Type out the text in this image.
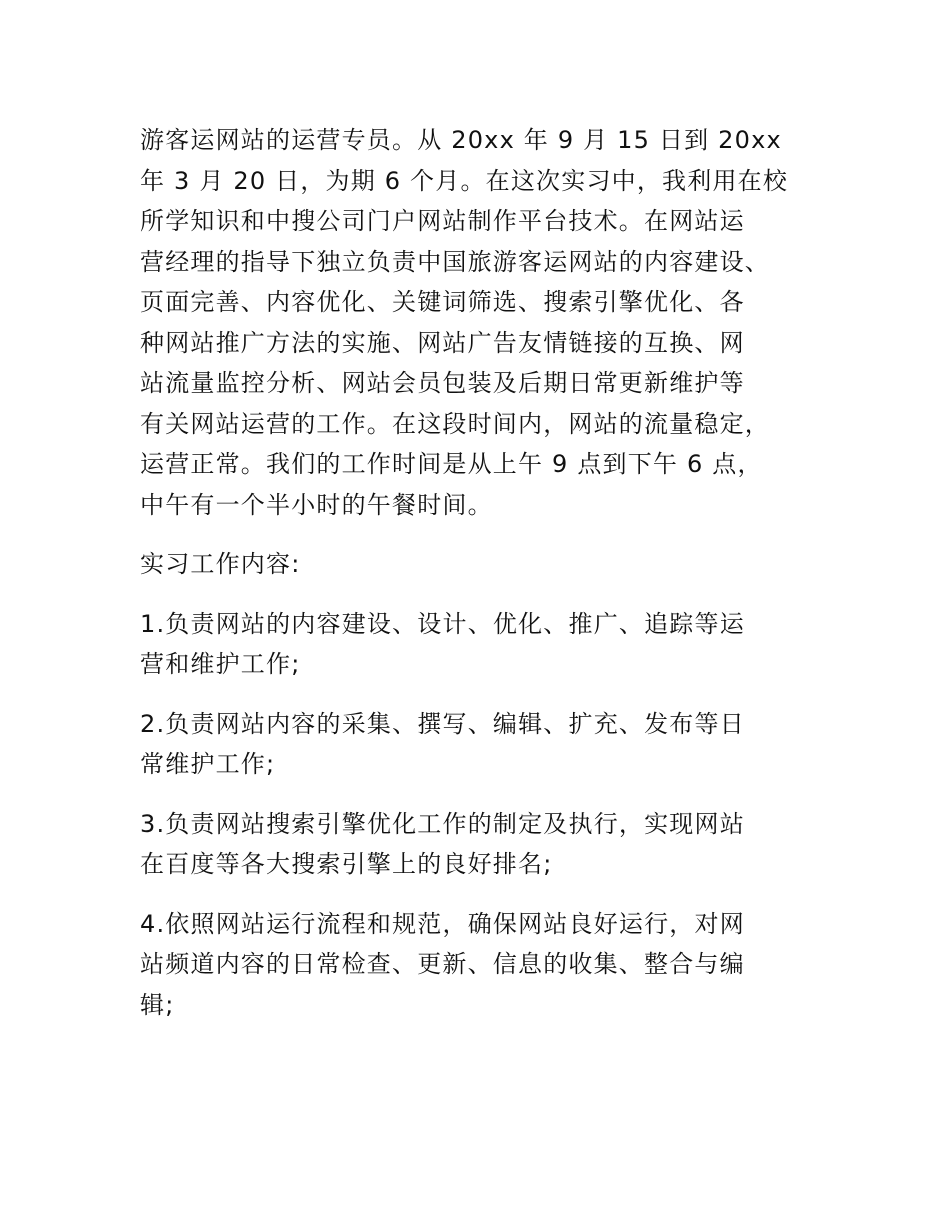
游客运网站的运营专员。从 20xx 年 9 月 15 日到 20xx
年 3 月 20 日，为期 6 个月。在这次实习中，我利用在校
所学知识和中搜公司门户网站制作平台技术。在网站运
营经理的指导下独立负责中国旅游客运网站的内容建设、
页面完善、内容优化、关键词筛选、搜索引擎优化、各
种网站推广方法的实施、网站广告友情链接的互换、网
站流量监控分析、网站会员包装及后期日常更新维护等
有关网站运营的工作。在这段时间内，网站的流量稳定，
运营正常。我们的工作时间是从上午 9 点到下午 6 点，
中午有一个半小时的午餐时间。

实习工作内容:

1.负责网站的内容建设、设计、优化、推广、追踪等运
营和维护工作;

2.负责网站内容的采集、撰写、编辑、扩充、发布等日
常维护工作;

3.负责网站搜索引擎优化工作的制定及执行，实现网站
在百度等各大搜索引擎上的良好排名;

4.依照网站运行流程和规范，确保网站良好运行，对网
站频道内容的日常检查、更新、信息的收集、整合与编
辑;
